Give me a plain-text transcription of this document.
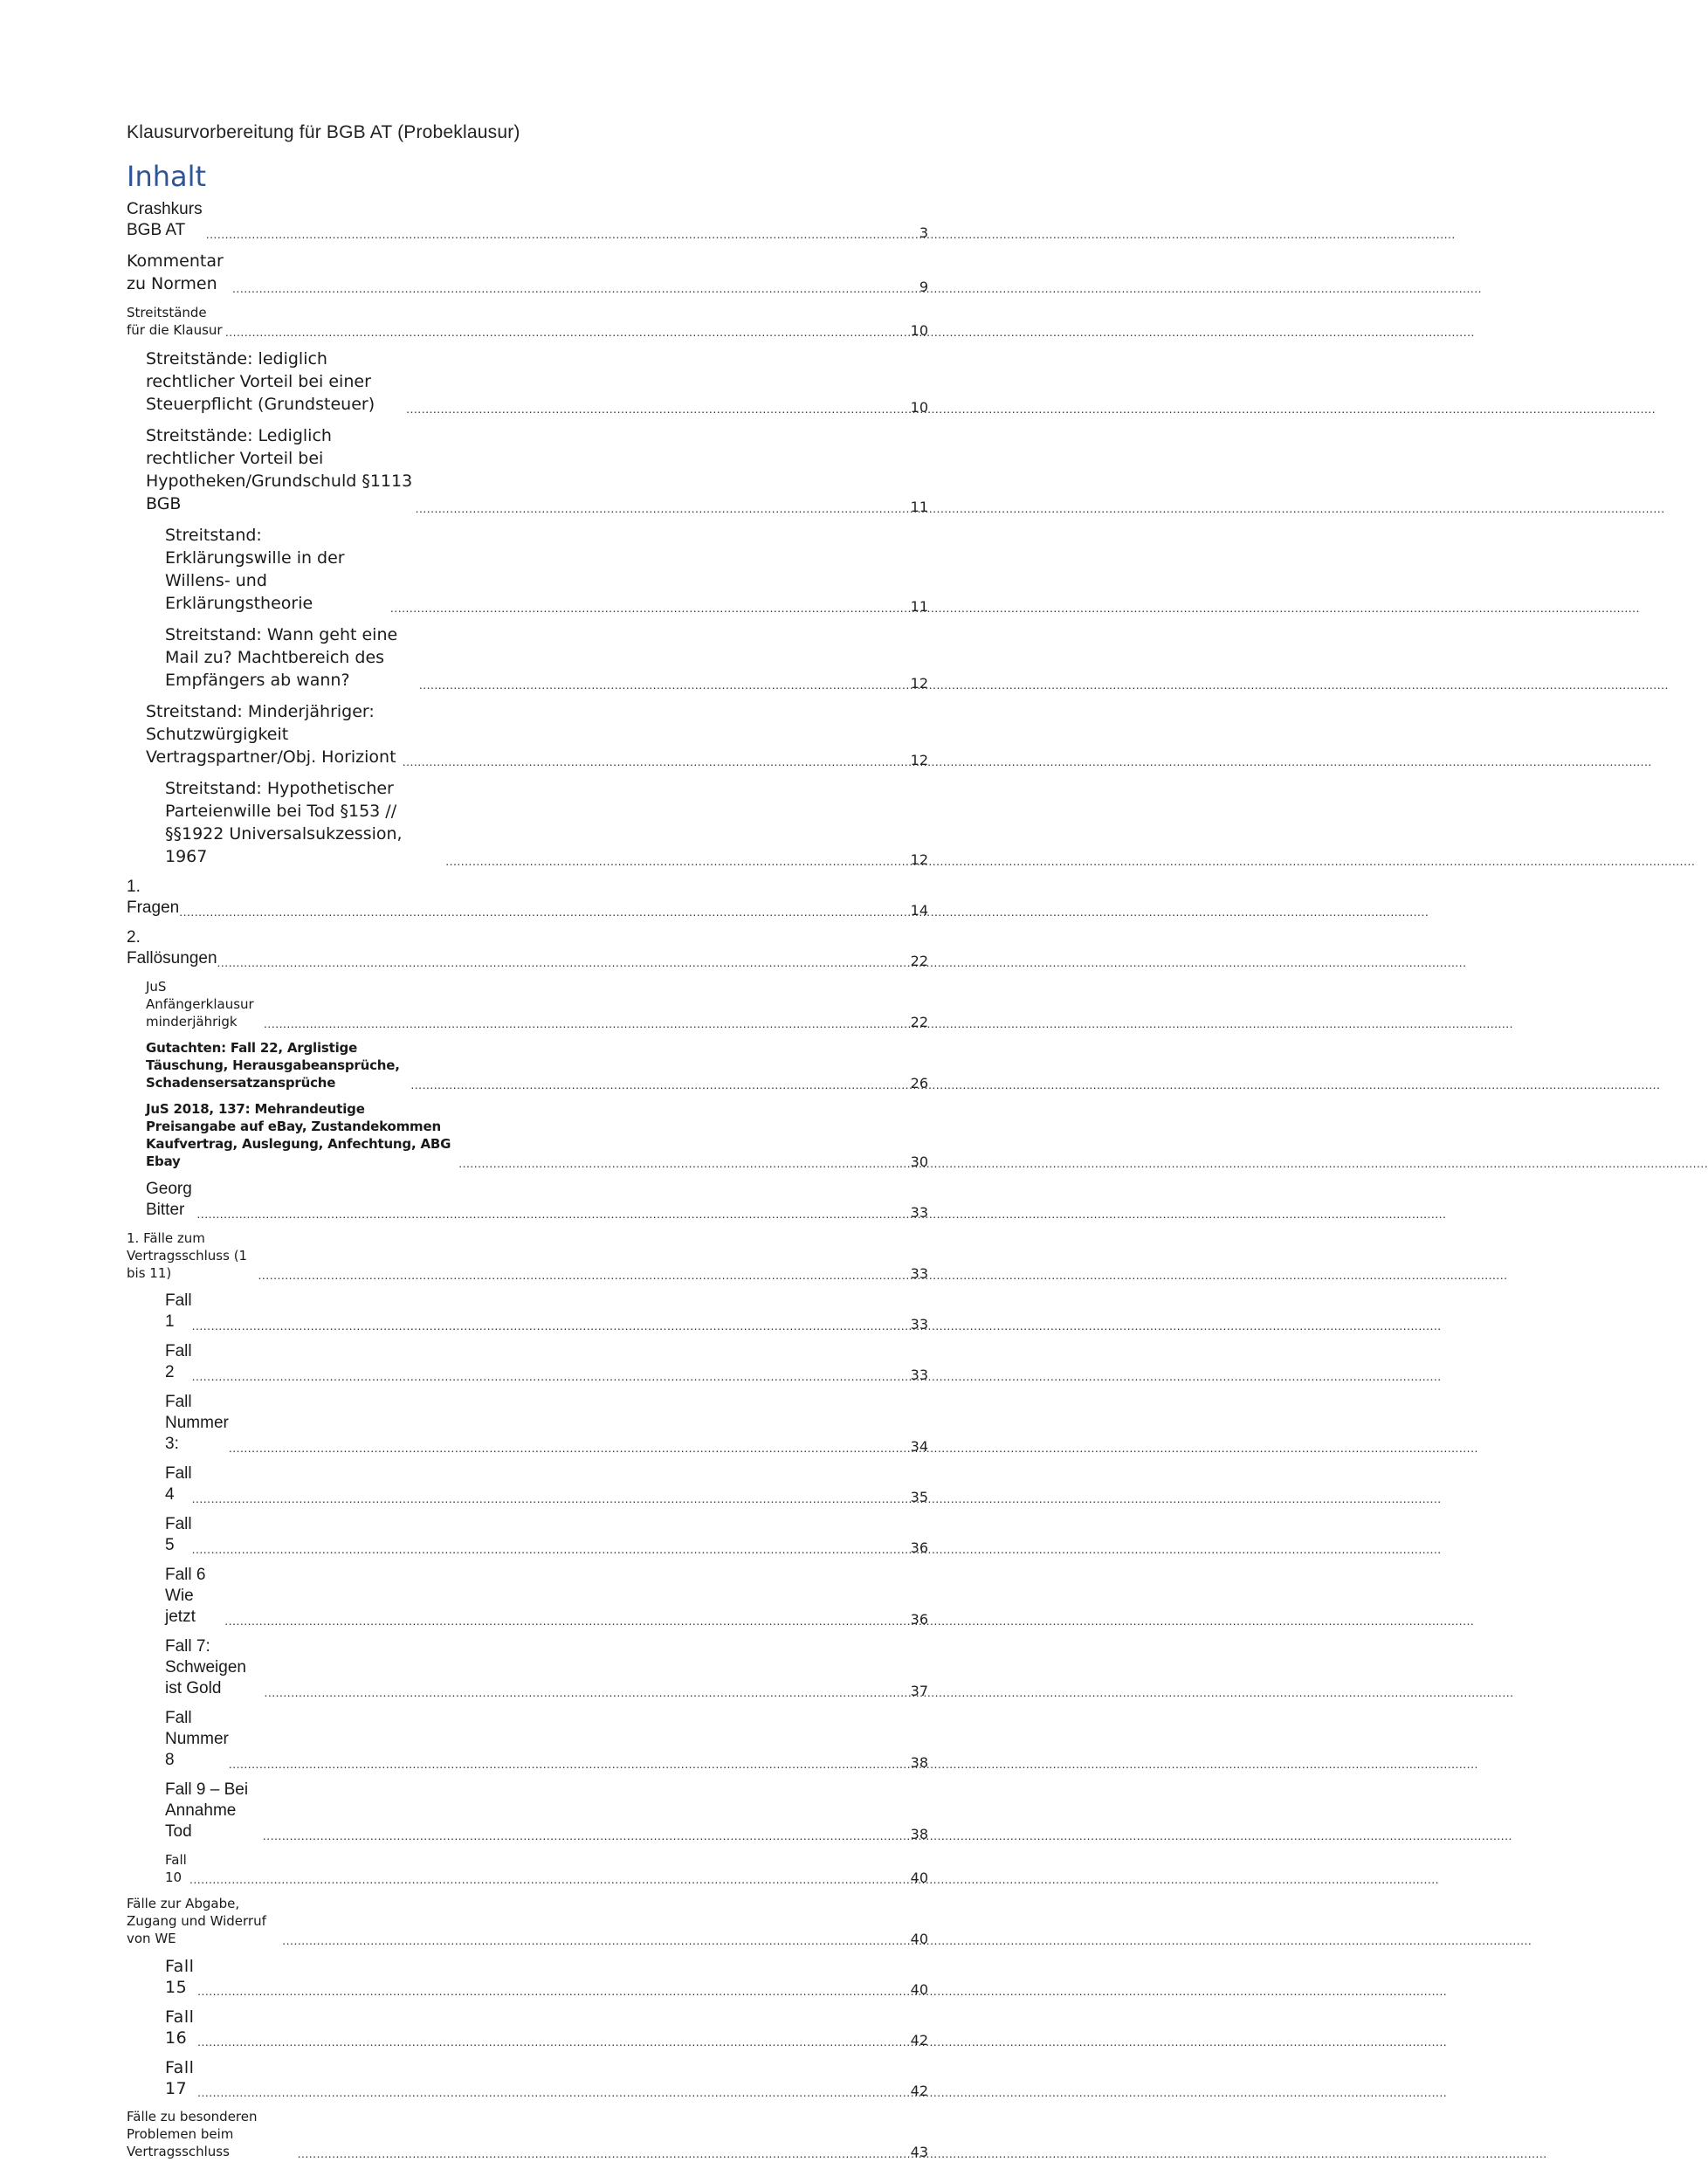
Klausurvorbereitung für BGB AT (Probeklausur)
Inhalt
Crashkurs BGB AT .....	3
Kommentar zu Normen .....	9
Streitstände für die Klausur .....	10
Streitstände: lediglich rechtlicher Vorteil bei einer Steuerpflicht (Grundsteuer) .....	10
Streitstände: Lediglich rechtlicher Vorteil bei Hypotheken/Grundschuld §1113 BGB .....	11
Streitstand: Erklärungswille in der Willens- und Erklärungstheorie .....	11
Streitstand: Wann geht eine Mail zu? Machtbereich des Empfängers ab wann? .....	12
Streitstand: Minderjähriger: Schutzwürgigkeit Vertragspartner/Obj. Horiziont .....	12
Streitstand: Hypothetischer Parteienwille bei Tod §153 // §§1922 Universalsukzession, 1967 .....	12
1. Fragen .....	14
2. Fallösungen .....	22
JuS Anfängerklausur minderjährigk .....	22
Gutachten: Fall 22, Arglistige Täuschung, Herausgabeansprüche, Schadensersatzansprüche .....	26
JuS 2018, 137: Mehrandeutige Preisangabe auf eBay, Zustandekommen Kaufvertrag, Auslegung, Anfechtung, ABG Ebay .....	30
Georg Bitter .....	33
1. Fälle zum Vertragsschluss (1 bis 11) .....	33
Fall 1 .....	33
Fall 2 .....	33
Fall Nummer 3: .....	34
Fall 4 .....	35
Fall 5 .....	36
Fall 6 Wie jetzt .....	36
Fall 7: Schweigen ist Gold .....	37
Fall Nummer 8 .....	38
Fall 9 – Bei Annahme Tod .....	38
Fall 10 .....	40
Fälle zur Abgabe, Zugang und Widerruf von WE .....	40
Fall 15 .....	40
Fall 16 .....	42
Fall 17 .....	42
Fälle zu besonderen Problemen beim Vertragsschluss .....	43
